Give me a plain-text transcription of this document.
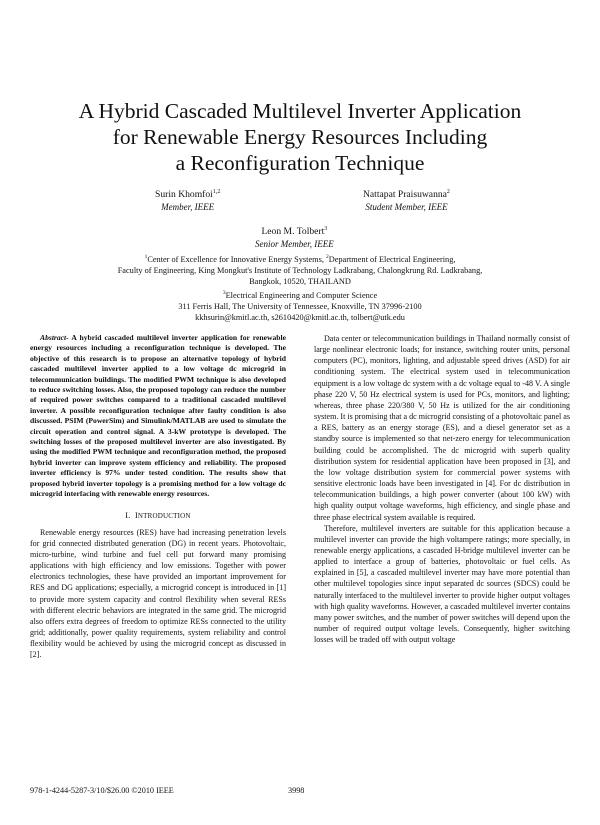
A Hybrid Cascaded Multilevel Inverter Application
for Renewable Energy Resources Including
a Reconfiguration Technique
Surin Khomfoi$^{1,2}$
Member, IEEE
Nattapat Praisuwanna$^2$
Student Member, IEEE
Leon M. Tolbert$^3$
Senior Member, IEEE
$^1$Center of Excellence for Innovative Energy Systems, $^2$Department of Electrical Engineering,
Faculty of Engineering, King Mongkut's Institute of Technology Ladkrabang, Chalongkrung Rd. Ladkrabang,
Bangkok, 10520, THAILAND
$^3$Electrical Engineering and Computer Science
311 Ferris Hall, The University of Tennessee, Knoxville, TN 37996-2100
kkhsurin@kmitl.ac.th, s2610420@kmitl.ac.th, tolbert@utk.edu

Abstract- A hybrid cascaded multilevel inverter application for renewable energy resources including a reconfiguration technique is developed. The objective of this research is to propose an alternative topology of hybrid cascaded multilevel inverter applied to a low voltage dc microgrid in telecommunication buildings. The modified PWM technique is also developed to reduce switching losses. Also, the proposed topology can reduce the number of required power switches compared to a traditional cascaded multilevel inverter. A possible reconfiguration technique after faulty condition is also discussed. PSIM (PowerSim) and Simulink/MATLAB are used to simulate the circuit operation and control signal. A 3-kW prototype is developed. The switching losses of the proposed multilevel inverter are also investigated. By using the modified PWM technique and reconfiguration method, the proposed hybrid inverter can improve system efficiency and reliability. The proposed inverter efficiency is 97% under tested condition. The results show that proposed hybrid inverter topology is a promising method for a low voltage dc microgrid interfacing with renewable energy resources.

I. INTRODUCTION

Renewable energy resources (RES) have had increasing penetration levels for grid connected distributed generation (DG) in recent years. Photovoltaic, micro-turbine, wind turbine and fuel cell put forward many promising applications with high efficiency and low emissions. Together with power electronics technologies, these have provided an important improvement for RES and DG applications; especially, a microgrid concept is introduced in [1] to provide more system capacity and control flexibility when several RESs with different electric behaviors are integrated in the same grid. The microgrid also offers extra degrees of freedom to optimize RESs connected to the utility grid; additionally, power quality requirements, system reliability and control flexibility would be achieved by using the microgrid concept as discussed in [2].

Data center or telecommunication buildings in Thailand normally consist of large nonlinear electronic loads; for instance, switching router units, personal computers (PC), monitors, lighting, and adjustable speed drives (ASD) for air conditioning system. The electrical system used in telecommunication equipment is a low voltage dc system with a dc voltage equal to -48 V. A single phase 220 V, 50 Hz electrical system is used for PCs, monitors, and lighting; whereas, three phase 220/380 V, 50 Hz is utilized for the air conditioning system. It is promising that a dc microgrid consisting of a photovoltaic panel as a RES, battery as an energy storage (ES), and a diesel generator set as a standby source is implemented so that net-zero energy for telecommunication building could be accomplished. The dc microgrid with superb quality distribution system for residential application have been proposed in [3], and the low voltage distribution system for commercial power systems with sensitive electronic loads have been investigated in [4]. For dc distribution in telecommunication buildings, a high power converter (about 100 kW) with high quality output voltage waveforms, high efficiency, and single phase and three phase electrical system available is required.

Therefore, multilevel inverters are suitable for this application because a multilevel inverter can provide the high voltampere ratings; more specially, in renewable energy applications, a cascaded H-bridge multilevel inverter can be applied to interface a group of batteries, photovoltaic or fuel cells. As explained in [5], a cascaded multilevel inverter may have more potential than other multilevel topologies since input separated dc sources (SDCS) could be naturally interfaced to the multilevel inverter to provide higher output voltages with high quality waveforms. However, a cascaded multilevel inverter contains many power switches, and the number of power switches will depend upon the number of required output voltage levels. Consequently, higher switching losses will be traded off with output voltage

978-1-4244-5287-3/10/$26.00 ©2010 IEEE	3998
